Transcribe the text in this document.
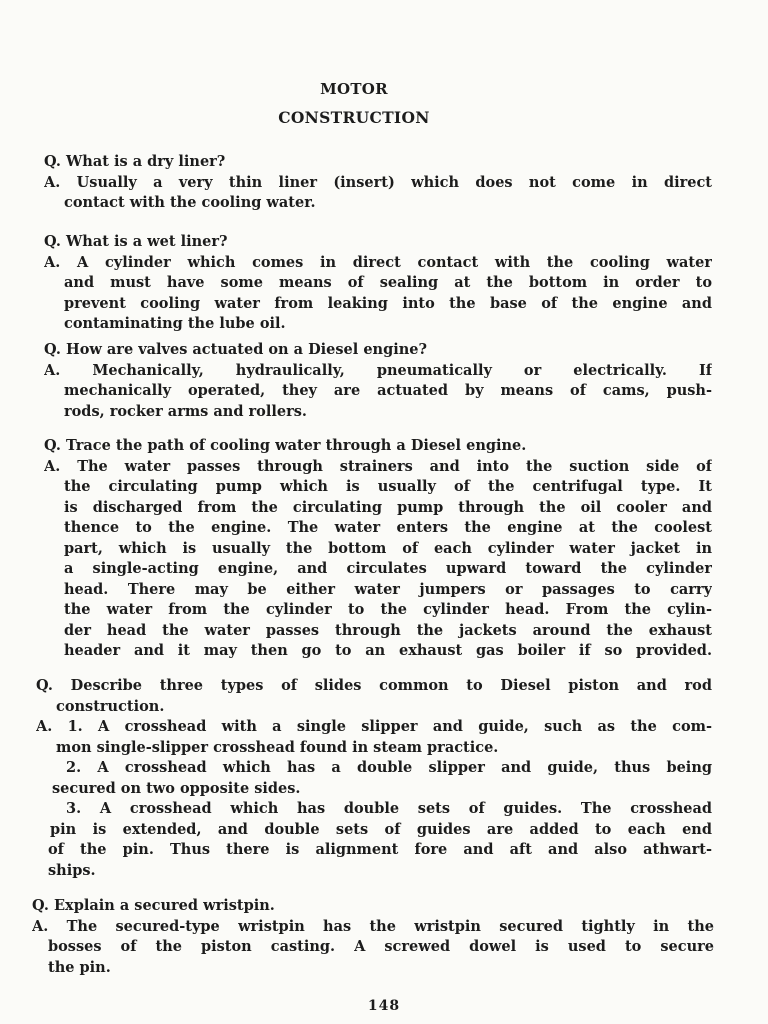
MOTOR
CONSTRUCTION
Q. What is a dry liner?
A. Usually a very thin liner (insert) which does not come in direct
contact with the cooling water.
Q. What is a wet liner?
A. A cylinder which comes in direct contact with the cooling water
and must have some means of sealing at the bottom in order to
prevent cooling water from leaking into the base of the engine and
contaminating the lube oil.
Q. How are valves actuated on a Diesel engine?
A. Mechanically, hydraulically, pneumatically or electrically. If
mechanically operated, they are actuated by means of cams, push-
rods, rocker arms and rollers.
Q. Trace the path of cooling water through a Diesel engine.
A. The water passes through strainers and into the suction side of
the circulating pump which is usually of the centrifugal type. It
is discharged from the circulating pump through the oil cooler and
thence to the engine. The water enters the engine at the coolest
part, which is usually the bottom of each cylinder water jacket in
a single-acting engine, and circulates upward toward the cylinder
head. There may be either water jumpers or passages to carry
the water from the cylinder to the cylinder head. From the cylin-
der head the water passes through the jackets around the exhaust
header and it may then go to an exhaust gas boiler if so provided.
Q. Describe three types of slides common to Diesel piston and rod
construction.
A. 1. A crosshead with a single slipper and guide, such as the com-
mon single-slipper crosshead found in steam practice.
2. A crosshead which has a double slipper and guide, thus being
secured on two opposite sides.
3. A crosshead which has double sets of guides. The crosshead
pin is extended, and double sets of guides are added to each end
of the pin. Thus there is alignment fore and aft and also athwart-
ships.
Q. Explain a secured wristpin.
A. The secured-type wristpin has the wristpin secured tightly in the
bosses of the piston casting. A screwed dowel is used to secure
the pin.
148
